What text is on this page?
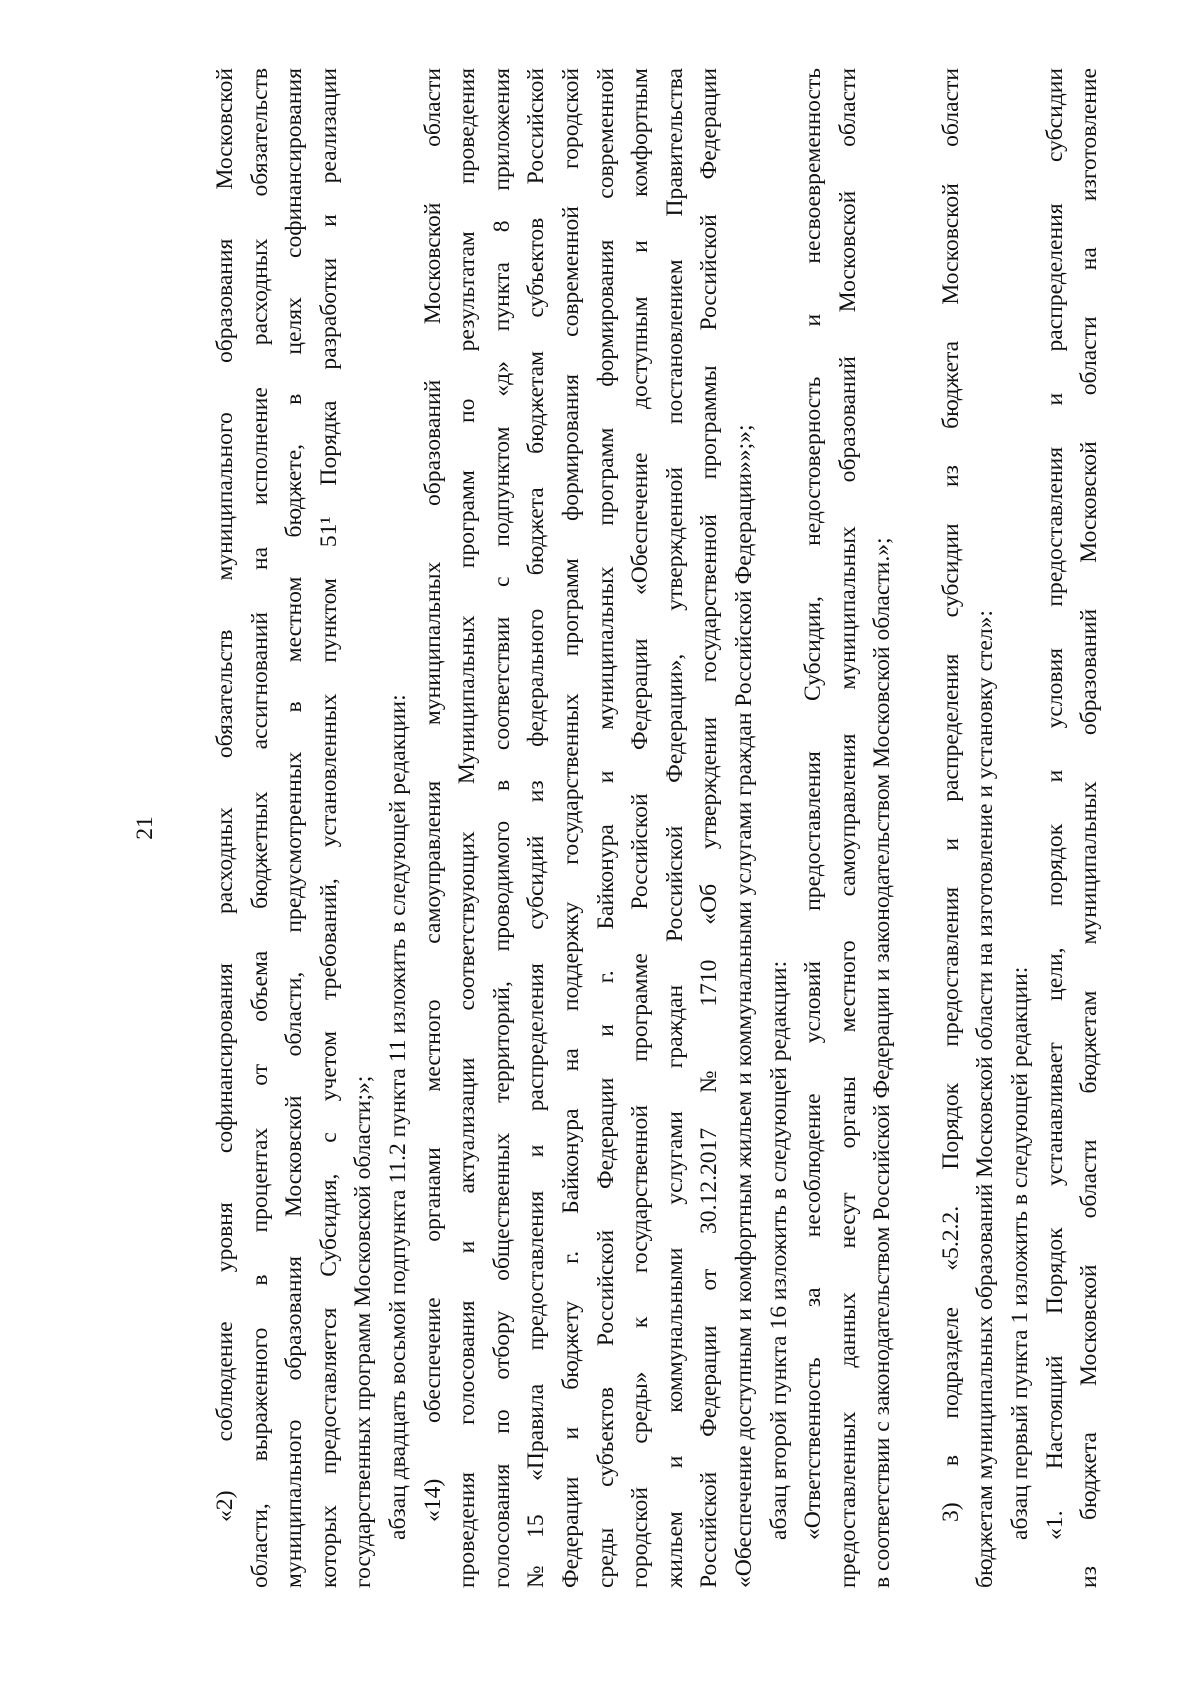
21	«2) соблюдение уровня софинансирования расходных обязательств муниципального образования Московской области, выраженного в процентах от объема бюджетных ассигнований на исполнение расходных обязательств муниципального образования Московской области, предусмотренных в местном бюджете, в целях софинансирования которых предоставляется Субсидия, с учетом требований, установленных пунктом 51¹ Порядка разработки и реализации государственных программ Московской области;»; абзац двадцать восьмой подпункта 11.2 пункта 11 изложить в следующей редакции: «14) обеспечение органами местного самоуправления муниципальных образований Московской области проведения голосования и актуализации соответствующих Муниципальных программ по результатам проведения голосования по отбору общественных территорий, проводимого в соответствии с подпунктом «д» пункта 8 приложения №15 «Правила предоставления и распределения субсидий из федерального бюджета бюджетам субъектов Российской Федерации и бюджету г. Байконура на поддержку государственных программ формирования современной городской среды субъектов Российской Федерации и г. Байконура и муниципальных программ формирования современной городской среды» к государственной программе Российской Федерации «Обеспечение доступным и комфортным жильем и коммунальными услугами граждан Российской Федерации», утвержденной постановлением Правительства Российской Федерации от 30.12.2017 № 1710 «Об утверждении государственной программы Российской Федерации «Обеспечение доступным и комфортным жильем и коммунальными услугами граждан Российской Федерации»»;»; абзац второй пункта 16 изложить в следующей редакции: «Ответственность за несоблюдение условий предоставления Субсидии, недостоверность и несвоевременность предоставленных данных несут органы местного самоуправления муниципальных образований Московской области в соответствии с законодательством Российской Федерации и законодательством Московской области.»; 3) в подразделе «5.2.2. Порядок предоставления и распределения субсидии из бюджета Московской области бюджетам муниципальных образований Московской области на изготовление и установку стел»: абзац первый пункта 1 изложить в следующей редакции: «1. Настоящий Порядок устанавливает цели, порядок и условия предоставления и распределения субсидии из бюджета Московской области бюджетам муниципальных образований Московской области на изготовление
